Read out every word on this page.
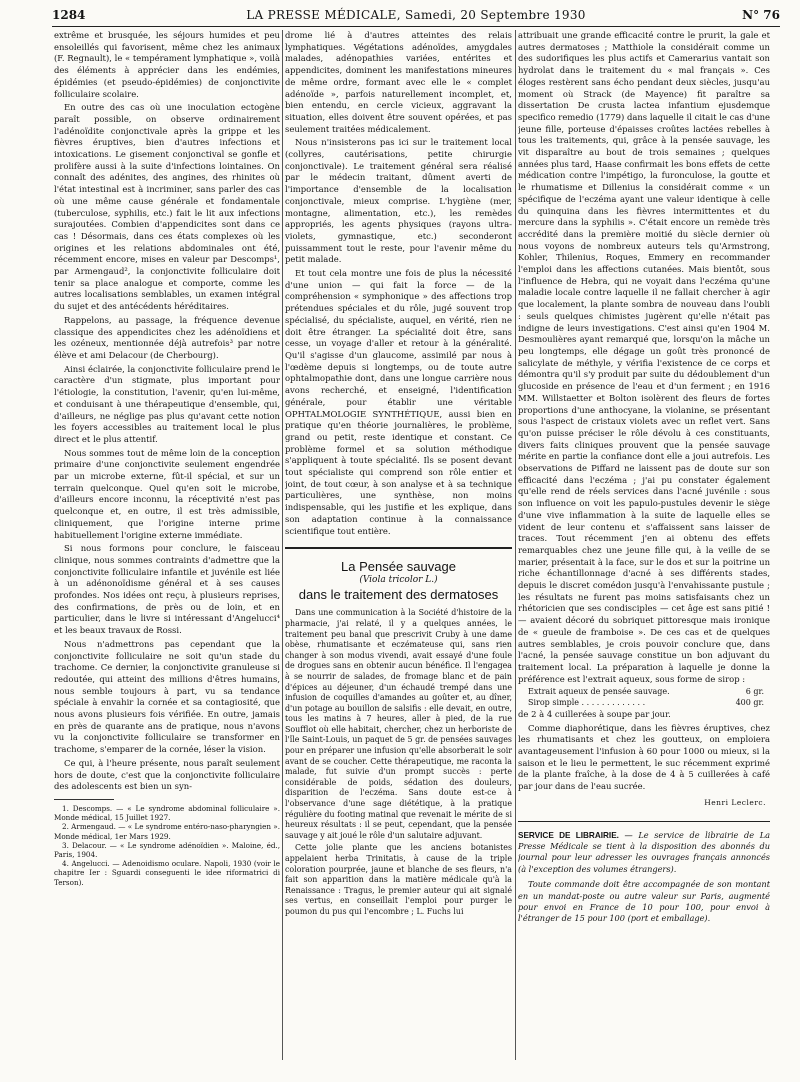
1284	LA PRESSE MÉDICALE, Samedi, 20 Septembre 1930	N° 76

extrême et brusquée, les séjours humides et peu ensoleillés qui favorisent, même chez les animaux (F. Regnault), le « tempérament lymphatique », voilà des éléments à apprécier dans les endémies, épidémies (et pseudo-épidémies) de conjonctivite folliculaire scolaire.

En outre des cas où une inoculation ectogène paraît possible, on observe ordinairement l'adénoïdite conjonctivale après la grippe et les fièvres éruptives, bien d'autres infections et intoxications. Le gisement conjonctival se gonfle et prolifère aussi à la suite d'infections lointaines. On connaît des adénites, des angines, des rhinites où l'état intestinal est à incriminer, sans parler des cas où une même cause générale et fondamentale (tuberculose, syphilis, etc.) fait le lit aux infections surajoutées. Combien d'appendicites sont dans ce cas ! Désormais, dans ces états complexes où les origines et les relations abdominales ont été, récemment encore, mises en valeur par Descomps¹, par Armengaud², la conjonctivite folliculaire doit tenir sa place analogue et comporte, comme les autres localisations semblables, un examen intégral du sujet et des antécédents héréditaires.

Rappelons, au passage, la fréquence devenue classique des appendicites chez les adénoïdiens et les ozéneux, mentionnée déjà autrefois³ par notre élève et ami Delacour (de Cherbourg).

Ainsi éclairée, la conjonctivite folliculaire prend le caractère d'un stigmate, plus important pour l'étiologie, la constitution, l'avenir, qu'en lui-même, et conduisant à une thérapeutique d'ensemble, qui, d'ailleurs, ne néglige pas plus qu'avant cette notion les foyers accessibles au traitement local le plus direct et le plus attentif.

Nous sommes tout de même loin de la conception primaire d'une conjonctivite seulement engendrée par un microbe externe, fût-il spécial, et sur un terrain quelconque. Quel qu'en soit le microbe, d'ailleurs encore inconnu, la réceptivité n'est pas quelconque et, en outre, il est très admissible, cliniquement, que l'origine interne prime habituellement l'origine externe immédiate.

Si nous formons pour conclure, le faisceau clinique, nous sommes contraints d'admettre que la conjonctivite folliculaire infantile et juvénile est liée à un adénonoïdisme général et à ses causes profondes. Nos idées ont reçu, à plusieurs reprises, des confirmations, de près ou de loin, et en particulier, dans le livre si intéressant d'Angelucci⁴ et les beaux travaux de Rossi.

Nous n'admettrons pas cependant que la conjonctivite folliculaire ne soit qu'un stade du trachome. Ce dernier, la conjonctivite granuleuse si redoutée, qui atteint des millions d'êtres humains, nous semble toujours à part, vu sa tendance spéciale à envahir la cornée et sa contagiosité, que nous avons plusieurs fois vérifiée. En outre, jamais en près de quarante ans de pratique, nous n'avons vu la conjonctivite folliculaire se transformer en trachome, s'emparer de la cornée, léser la vision.

Ce qui, à l'heure présente, nous paraît seulement hors de doute, c'est que la conjonctivite folliculaire des adolescents est bien un syn-

1. Descomps. — « Le syndrome abdominal folliculaire ». Monde médical, 15 Juillet 1927.

2. Armengaud. — « Le syndrome entéro-naso-pharyngien ». Monde médical, 1er Mars 1929.

3. Delacour. — « Le syndrome adénoïdien ». Maloine, éd., Paris, 1904.

4. Angelucci. — Adenoidismo oculare. Napoli, 1930 (voir le chapitre Ier : Sguardi conseguenti le idee riformatrici di Terson).

drome lié à d'autres atteintes des relais lymphatiques. Végétations adénoïdes, amygdales malades, adénopathies variées, entérites et appendicites, dominent les manifestations mineures de même ordre, formant avec elle le « complet adénoïde », parfois naturellement incomplet, et, bien entendu, en cercle vicieux, aggravant la situation, elles doivent être souvent opérées, et pas seulement traitées médicalement.

Nous n'insisterons pas ici sur le traitement local (collyres, cautérisations, petite chirurgie conjonctivale). Le traitement général sera réalisé par le médecin traitant, dûment averti de l'importance d'ensemble de la localisation conjonctivale, mieux comprise. L'hygiène (mer, montagne, alimentation, etc.), les remèdes appropriés, les agents physiques (rayons ultra-violets, gymnastique, etc.) seconderont puissamment tout le reste, pour l'avenir même du petit malade.

Et tout cela montre une fois de plus la nécessité d'une union — qui fait la force — de la compréhension « symphonique » des affections trop prétendues spéciales et du rôle, jugé souvent trop spécialisé, du spécialiste, auquel, en vérité, rien ne doit être étranger. La spécialité doit être, sans cesse, un voyage d'aller et retour à la généralité. Qu'il s'agisse d'un glaucome, assimilé par nous à l'œdème depuis si longtemps, ou de toute autre ophtalmopathie dont, dans une longue carrière nous avons recherché, et enseigné, l'identification générale, pour établir une véritable OPHTALMOLOGIE SYNTHÉTIQUE, aussi bien en pratique qu'en théorie journalières, le problème, grand ou petit, reste identique et constant. Ce problème formel et sa solution méthodique s'appliquent à toute spécialité. Ils se posent devant tout spécialiste qui comprend son rôle entier et joint, de tout cœur, à son analyse et à sa technique particulières, une synthèse, non moins indispensable, qui les justifie et les explique, dans son adaptation continue à la connaissance scientifique tout entière.

La Pensée sauvage
(Viola tricolor L.)
dans le traitement des dermatoses

Dans une communication à la Société d'histoire de la pharmacie, j'ai relaté, il y a quelques années, le traitement peu banal que prescrivit Cruby à une dame obèse, rhumatisante et eczémateuse qui, sans rien changer à son modus vivendi, avait essayé d'une foule de drogues sans en obtenir aucun bénéfice. Il l'engagea à se nourrir de salades, de fromage blanc et de pain d'épices au déjeuner, d'un échaudé trempé dans une infusion de coquilles d'amandes au goûter et, au dîner, d'un potage au bouillon de salsifis : elle devait, en outre, tous les matins à 7 heures, aller à pied, de la rue Soufflot où elle habitait, chercher, chez un herboriste de l'île Saint-Louis, un paquet de 5 gr. de pensées sauvages pour en préparer une infusion qu'elle absorberait le soir avant de se coucher. Cette thérapeutique, me raconta la malade, fut suivie d'un prompt succès : perte considérable de poids, sédation des douleurs, disparition de l'eczéma. Sans doute est-ce à l'observance d'une sage diététique, à la pratique régulière du footing matinal que revenait le mérite de si heureux résultats : il se peut, cependant, que la pensée sauvage y ait joué le rôle d'un salutaire adjuvant.

Cette jolie plante que les anciens botanistes appelaient herba Trinitatis, à cause de la triple coloration pourprée, jaune et blanche de ses fleurs, n'a fait son apparition dans la matière médicale qu'à la Renaissance : Tragus, le premier auteur qui ait signalé ses vertus, en conseillait l'emploi pour purger le poumon du pus qui l'encombre ; L. Fuchs lui

attribuait une grande efficacité contre le prurit, la gale et autres dermatoses ; Matthiole la considérait comme un des sudorifiques les plus actifs et Camerarius vantait son hydrolat dans le traitement du « mal français ». Ces éloges restèrent sans écho pendant deux siècles, jusqu'au moment où Strack (de Mayence) fit paraître sa dissertation De crusta lactea infantium ejusdemque specifico remedio (1779) dans laquelle il citait le cas d'une jeune fille, porteuse d'épaisses croûtes lactées rebelles à tous les traitements, qui, grâce à la pensée sauvage, les vit disparaître au bout de trois semaines ; quelques années plus tard, Haase confirmait les bons effets de cette médication contre l'impétigo, la furonculose, la goutte et le rhumatisme et Dillenius la considérait comme « un spécifique de l'eczéma ayant une valeur identique à celle du quinquina dans les fièvres intermittentes et du mercure dans la syphilis ». C'était encore un remède très accrédité dans la première moitié du siècle dernier où nous voyons de nombreux auteurs tels qu'Armstrong, Kohler, Thilenius, Roques, Emmery en recommander l'emploi dans les affections cutanées. Mais bientôt, sous l'influence de Hebra, qui ne voyait dans l'eczéma qu'une maladie locale contre laquelle il ne fallait chercher à agir que localement, la plante sombra de nouveau dans l'oubli : seuls quelques chimistes jugèrent qu'elle n'était pas indigne de leurs investigations. C'est ainsi qu'en 1904 M. Desmoulières ayant remarqué que, lorsqu'on la mâche un peu longtemps, elle dégage un goût très prononcé de salicylate de méthyle, y vérifia l'existence de ce corps et démontra qu'il s'y produit par suite du dédoublement d'un glucoside en présence de l'eau et d'un ferment ; en 1916 MM. Willstaetter et Bolton isolèrent des fleurs de fortes proportions d'une anthocyane, la violanine, se présentant sous l'aspect de cristaux violets avec un reflet vert. Sans qu'on puisse préciser le rôle dévolu à ces constituants, divers faits cliniques prouvent que la pensée sauvage mérite en partie la confiance dont elle a joui autrefois. Les observations de Piffard ne laissent pas de doute sur son efficacité dans l'eczéma ; j'ai pu constater également qu'elle rend de réels services dans l'acné juvénile : sous son influence on voit les papulo-pustules devenir le siège d'une vive inflammation à la suite de laquelle elles se vident de leur contenu et s'affaissent sans laisser de traces. Tout récemment j'en ai obtenu des effets remarquables chez une jeune fille qui, à la veille de se marier, présentait à la face, sur le dos et sur la poitrine un riche échantillonnage d'acné à ses différents stades, depuis le discret comédon jusqu'à l'envahissante pustule ; les résultats ne furent pas moins satisfaisants chez un rhétoricien que ses condisciples — cet âge est sans pitié ! — avaient décoré du sobriquet pittoresque mais ironique de « gueule de framboise ». De ces cas et de quelques autres semblables, je crois pouvoir conclure que, dans l'acné, la pensée sauvage constitue un bon adjuvant du traitement local. La préparation à laquelle je donne la préférence est l'extrait aqueux, sous forme de sirop :

Extrait aqueux de pensée sauvage.	6 gr.
Sirop simple . . . . . . . . . . . . .	400 gr.

de 2 à 4 cuillerées à soupe par jour.

Comme diaphorétique, dans les fièvres éruptives, chez les rhumatisants et chez les goutteux, on emploiera avantageusement l'infusion à 60 pour 1000 ou mieux, si la saison et le lieu le permettent, le suc récemment exprimé de la plante fraîche, à la dose de 4 à 5 cuillerées à café par jour dans de l'eau sucrée.

Henri Leclerc.

SERVICE DE LIBRAIRIE. — Le service de librairie de La Presse Médicale se tient à la disposition des abonnés du journal pour leur adresser les ouvrages français annoncés (à l'exception des volumes étrangers).

Toute commande doit être accompagnée de son montant en un mandat-poste ou autre valeur sur Paris, augmenté pour envoi en France de 10 pour 100, pour envoi à l'étranger de 15 pour 100 (port et emballage).
